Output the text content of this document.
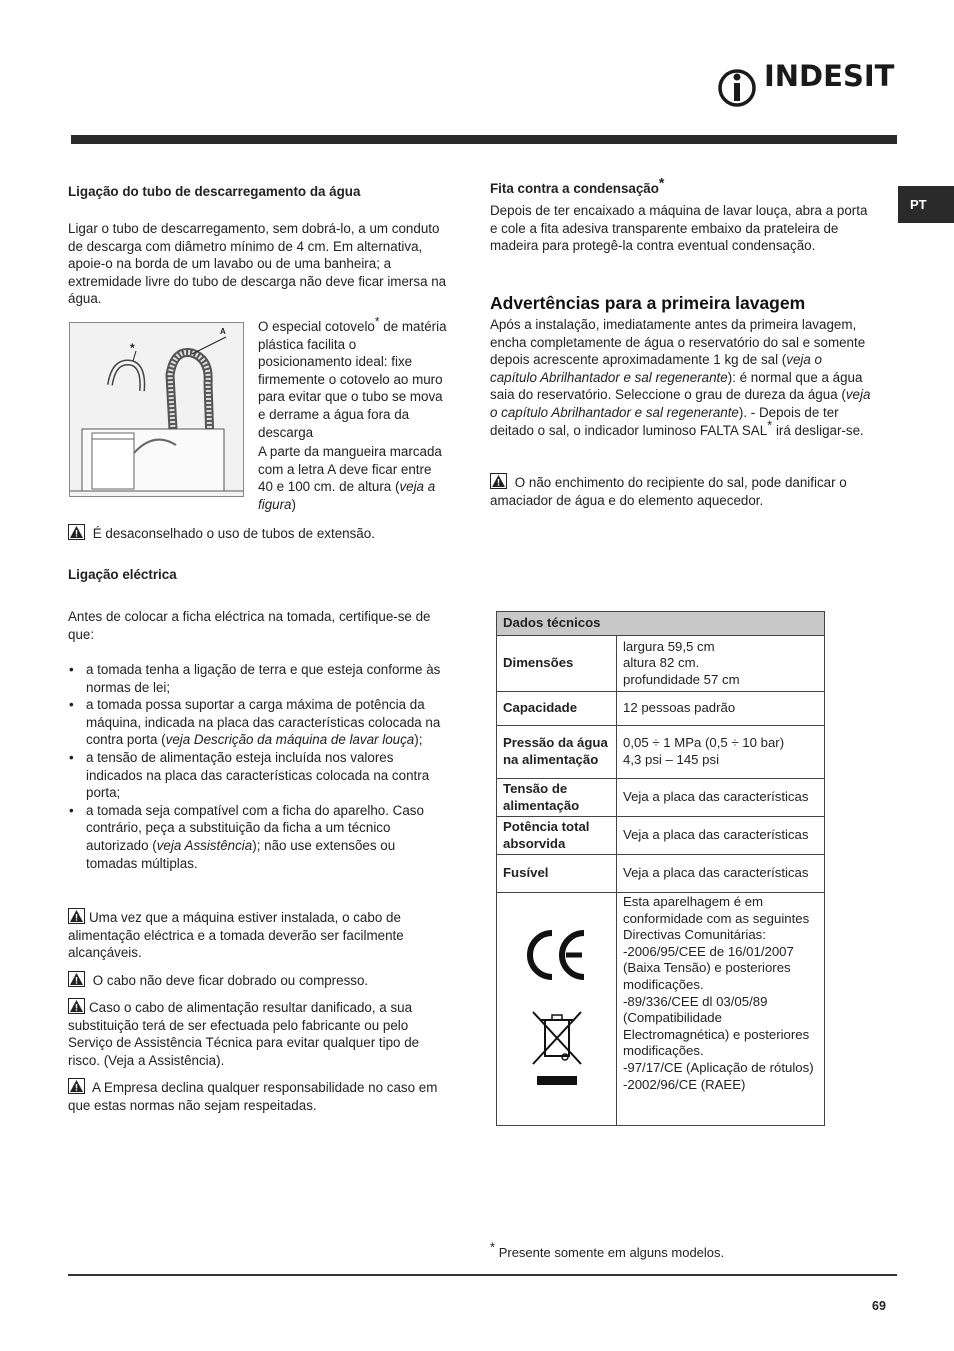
INDESIT
PT
Ligação do tubo de descarregamento da água

Ligar o tubo de descarregamento, sem dobrá-lo, a um conduto de descarga com diâmetro mínimo de 4 cm. Em alternativa, apoie-o na borda de um lavabo ou de uma banheira; a extremidade livre do tubo de descarga não deve ficar imersa na água.

A
*

O especial cotovelo* de matéria plástica facilita o posicionamento ideal: fixe firmemente o cotovelo ao muro para evitar que o tubo se mova e derrame a água fora da descarga

A parte da mangueira marcada com a letra A deve ficar entre 40 e 100 cm. de altura (veja a figura)

É desaconselhado o uso de tubos de extensão.

Ligação eléctrica

Antes de colocar a ficha eléctrica na tomada, certifique-se de que:

• a tomada tenha a ligação de terra e que esteja conforme às normas de lei;
• a tomada possa suportar a carga máxima de potência da máquina, indicada na placa das características colocada na contra porta (veja Descrição da máquina de lavar louça);
• a tensão de alimentação esteja incluída nos valores indicados na placa das características colocada na contra porta;
• a tomada seja compatível com a ficha do aparelho. Caso contrário, peça a substituição da ficha a um técnico autorizado (veja Assistência); não use extensões ou tomadas múltiplas.

Uma vez que a máquina estiver instalada, o cabo de alimentação eléctrica e a tomada deverão ser facilmente alcançáveis.

O cabo não deve ficar dobrado ou compresso.

Caso o cabo de alimentação resultar danificado, a sua substituição terá de ser efectuada pelo fabricante ou pelo Serviço de Assistência Técnica para evitar qualquer tipo de risco. (Veja a Assistência).

A Empresa declina qualquer responsabilidade no caso em que estas normas não sejam respeitadas.

Fita contra a condensação*

Depois de ter encaixado a máquina de lavar louça, abra a porta e cole a fita adesiva transparente embaixo da prateleira de madeira para protegê-la contra eventual condensação.

Advertências para a primeira lavagem

Após a instalação, imediatamente antes da primeira lavagem, encha completamente de água o reservatório do sal e somente depois acrescente aproximadamente 1 kg de sal (veja o capítulo Abrilhantador e sal regenerante): é normal que a água saia do reservatório. Seleccione o grau de dureza da água (veja o capítulo Abrilhantador e sal regenerante). - Depois de ter deitado o sal, o indicador luminoso FALTA SAL* irá desligar-se.

O não enchimento do recipiente do sal, pode danificar o amaciador de água e do elemento aquecedor.

Dados técnicos	
Dimensões	largura 59,5 cm
altura 82 cm.
profundidade 57 cm

Capacidade	12 pessoas padrão
Pressão da água na alimentação	0,05 ÷ 1 MPa (0,5 ÷ 10 bar)
4,3 psi – 145 psi

Tensão de alimentação	Veja a placa das características
Potência total absorvida	Veja a placa das características
Fusível	Veja a placa das características

	Esta aparelhagem é em conformidade com as seguintes Directivas Comunitárias:
-2006/95/CEE de 16/01/2007 (Baixa Tensão) e posteriores modificações.
-89/336/CEE dl 03/05/89 (Compatibilidade Electromagnética) e posteriores modificações.
-97/17/CE (Aplicação de rótulos)
-2002/96/CE (RAEE)
* Presente somente em alguns modelos.
69
